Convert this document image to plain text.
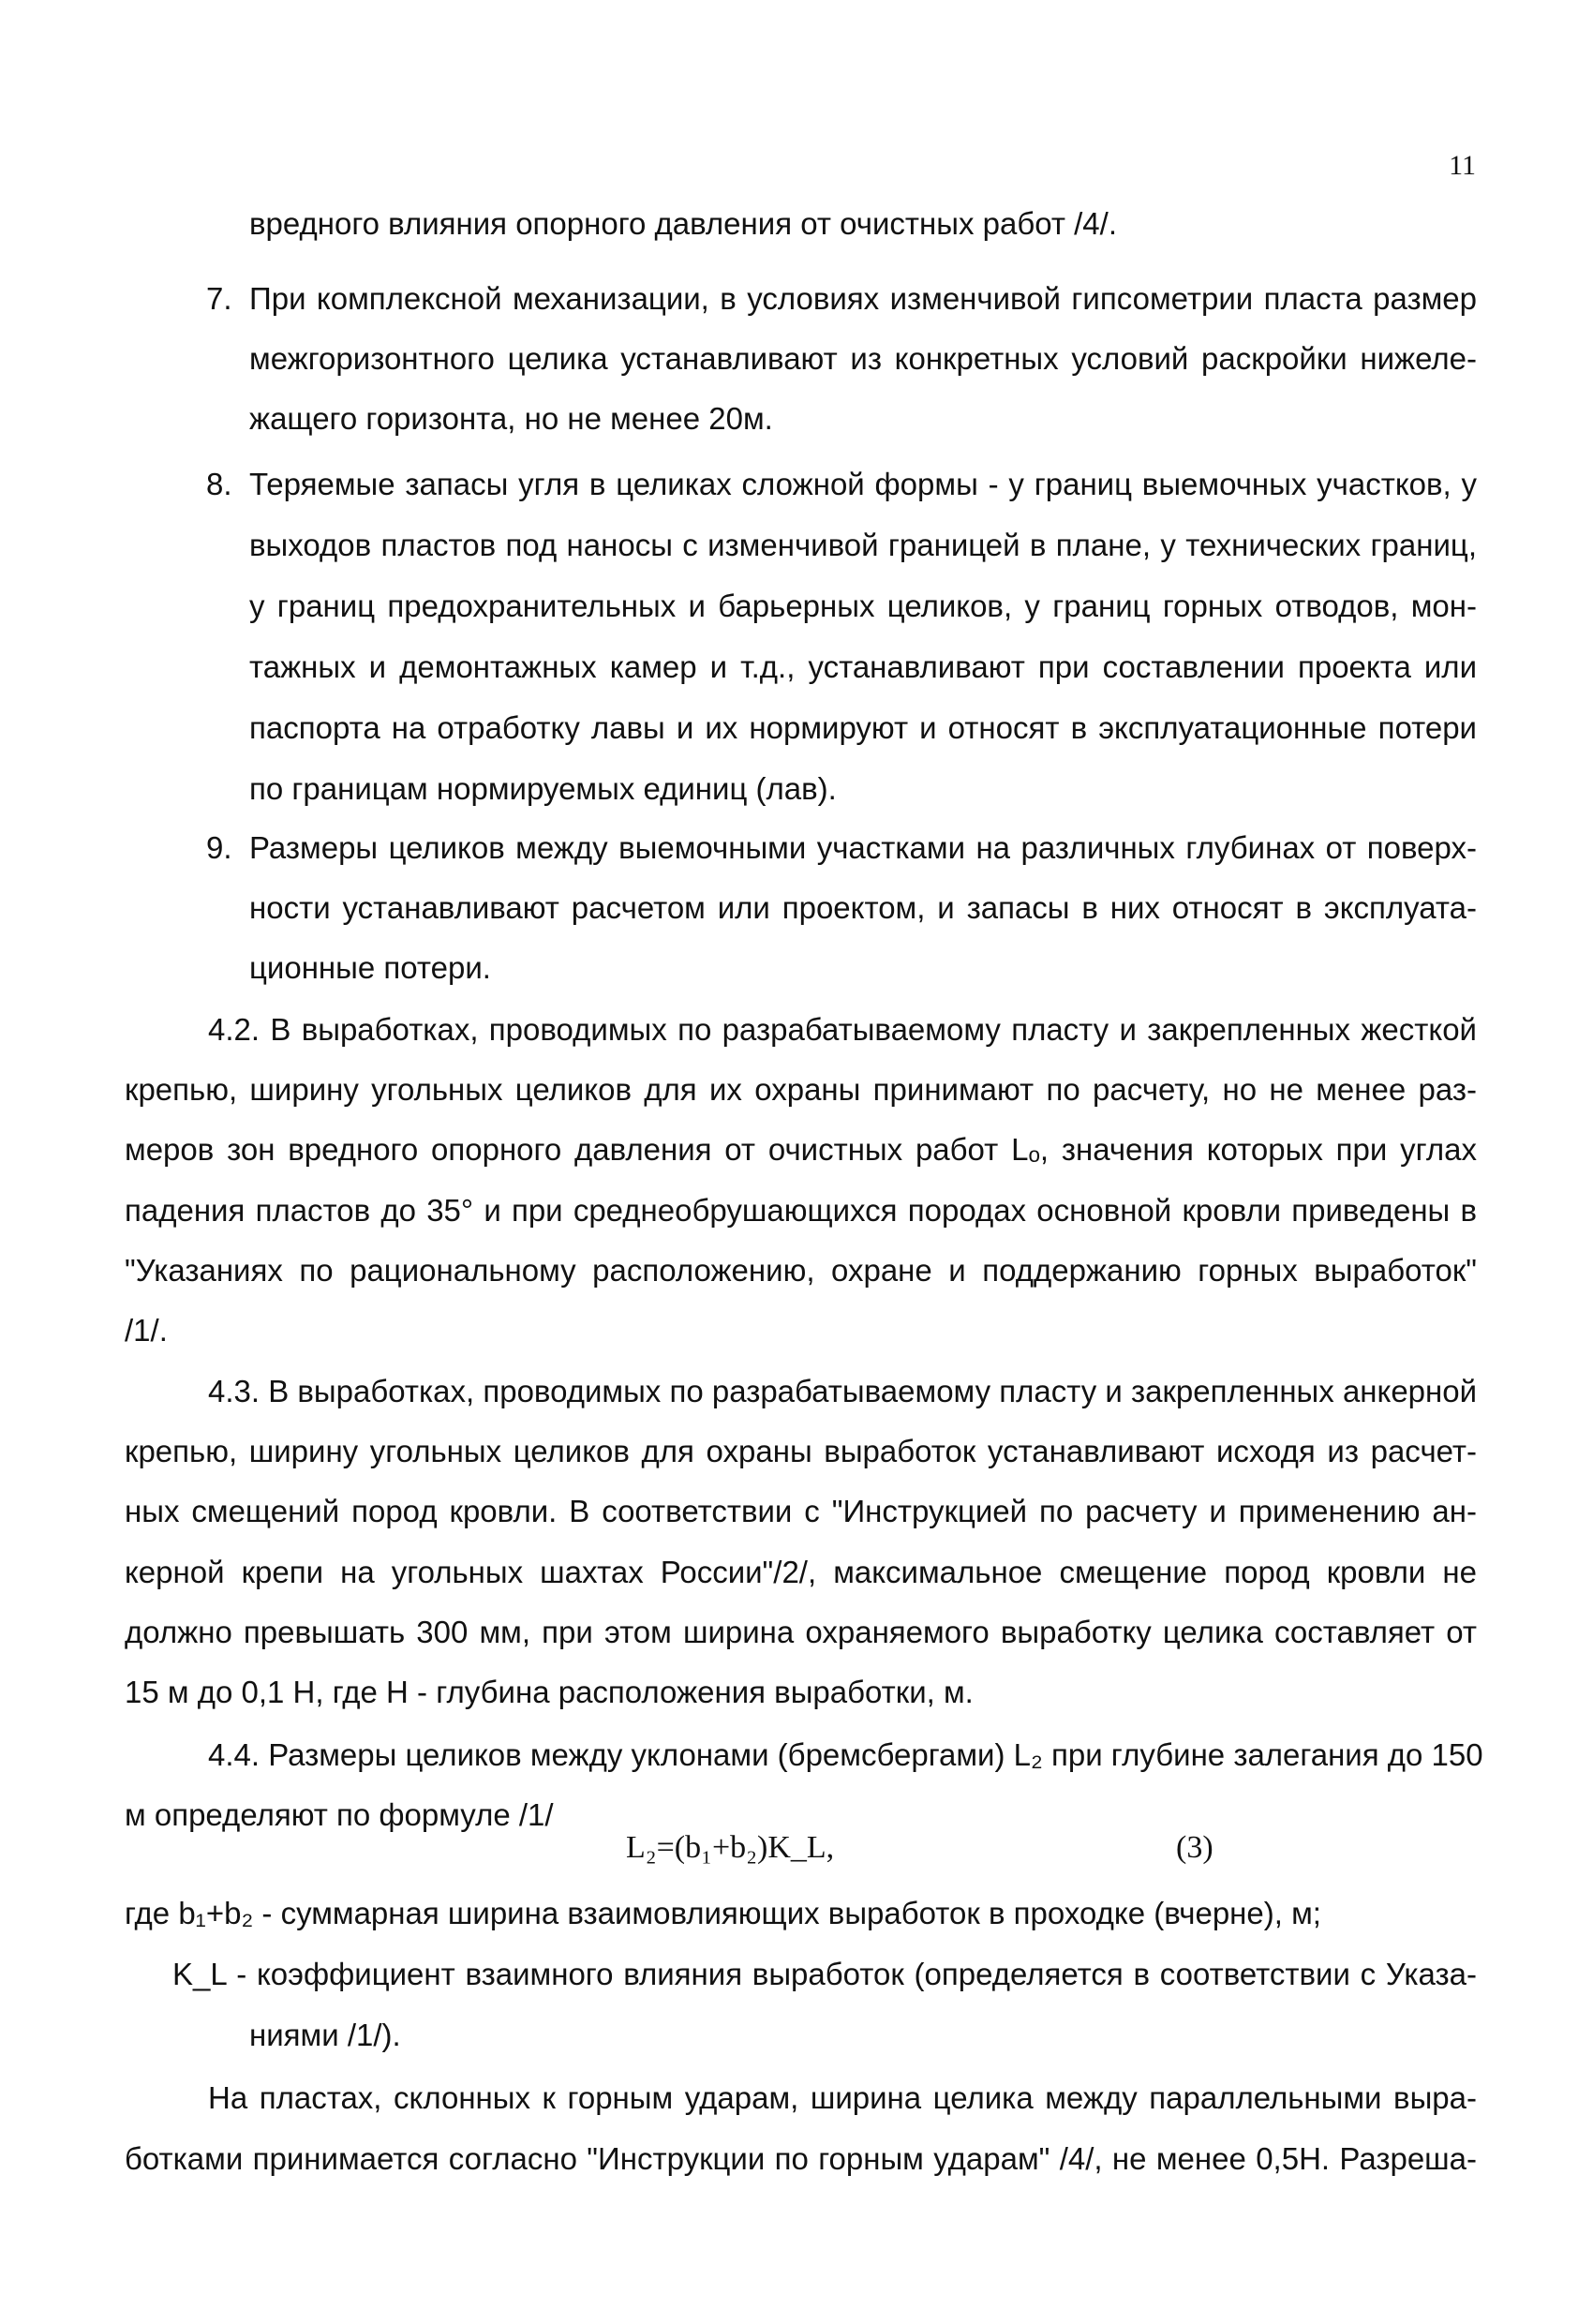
11
вредного влияния опорного давления от очистных работ /4/.
7. При комплексной механизации, в условиях изменчивой гипсометрии пласта размер
межгоризонтного целика устанавливают из конкретных условий раскройки нижеле-
жащего горизонта, но не менее 20м.
8. Теряемые запасы угля в целиках сложной формы - у границ выемочных участков, у
выходов пластов под наносы с изменчивой границей в плане, у технических границ,
у границ предохранительных и барьерных целиков, у границ горных отводов, мон-
тажных и демонтажных камер и т.д., устанавливают при составлении проекта или
паспорта на отработку лавы и их нормируют и относят в эксплуатационные потери
по границам нормируемых единиц (лав).
9. Размеры целиков между выемочными участками на различных глубинах от поверх-
ности устанавливают расчетом или проектом, и запасы в них относят в эксплуата-
ционные потери.
4.2. В выработках, проводимых по разрабатываемому пласту и закрепленных жесткой
крепью, ширину угольных целиков для их охраны принимают по расчету, но не менее раз-
меров зон вредного опорного давления от очистных работ Lₒ, значения которых при углах
падения пластов до 35° и при среднеобрушающихся породах основной кровли приведены в
"Указаниях по рациональному расположению, охране и поддержанию горных выработок"
/1/.
4.3. В выработках, проводимых по разрабатываемому пласту и закрепленных анкерной
крепью, ширину угольных целиков для охраны выработок устанавливают исходя из расчет-
ных смещений пород кровли. В соответствии с "Инструкцией по расчету и применению ан-
керной крепи на угольных шахтах России"/2/, максимальное смещение пород кровли не
должно превышать 300 мм, при этом ширина охраняемого выработку целика составляет от
15 м до 0,1 Н, где Н - глубина расположения выработки, м.
4.4. Размеры целиков между уклонами (бремсбергами) L₂ при глубине залегания до 150
м определяют по формуле /1/
L₂=(b₁+b₂)K_L,	(3)
где b₁+b₂ - суммарная ширина взаимовлияющих выработок в проходке (вчерне), м;
K_L - коэффициент взаимного влияния выработок (определяется в соответствии с Указа-
ниями /1/).
На пластах, склонных к горным ударам, ширина целика между параллельными выра-
ботками принимается согласно "Инструкции по горным ударам" /4/, не менее 0,5Н. Разреша-
